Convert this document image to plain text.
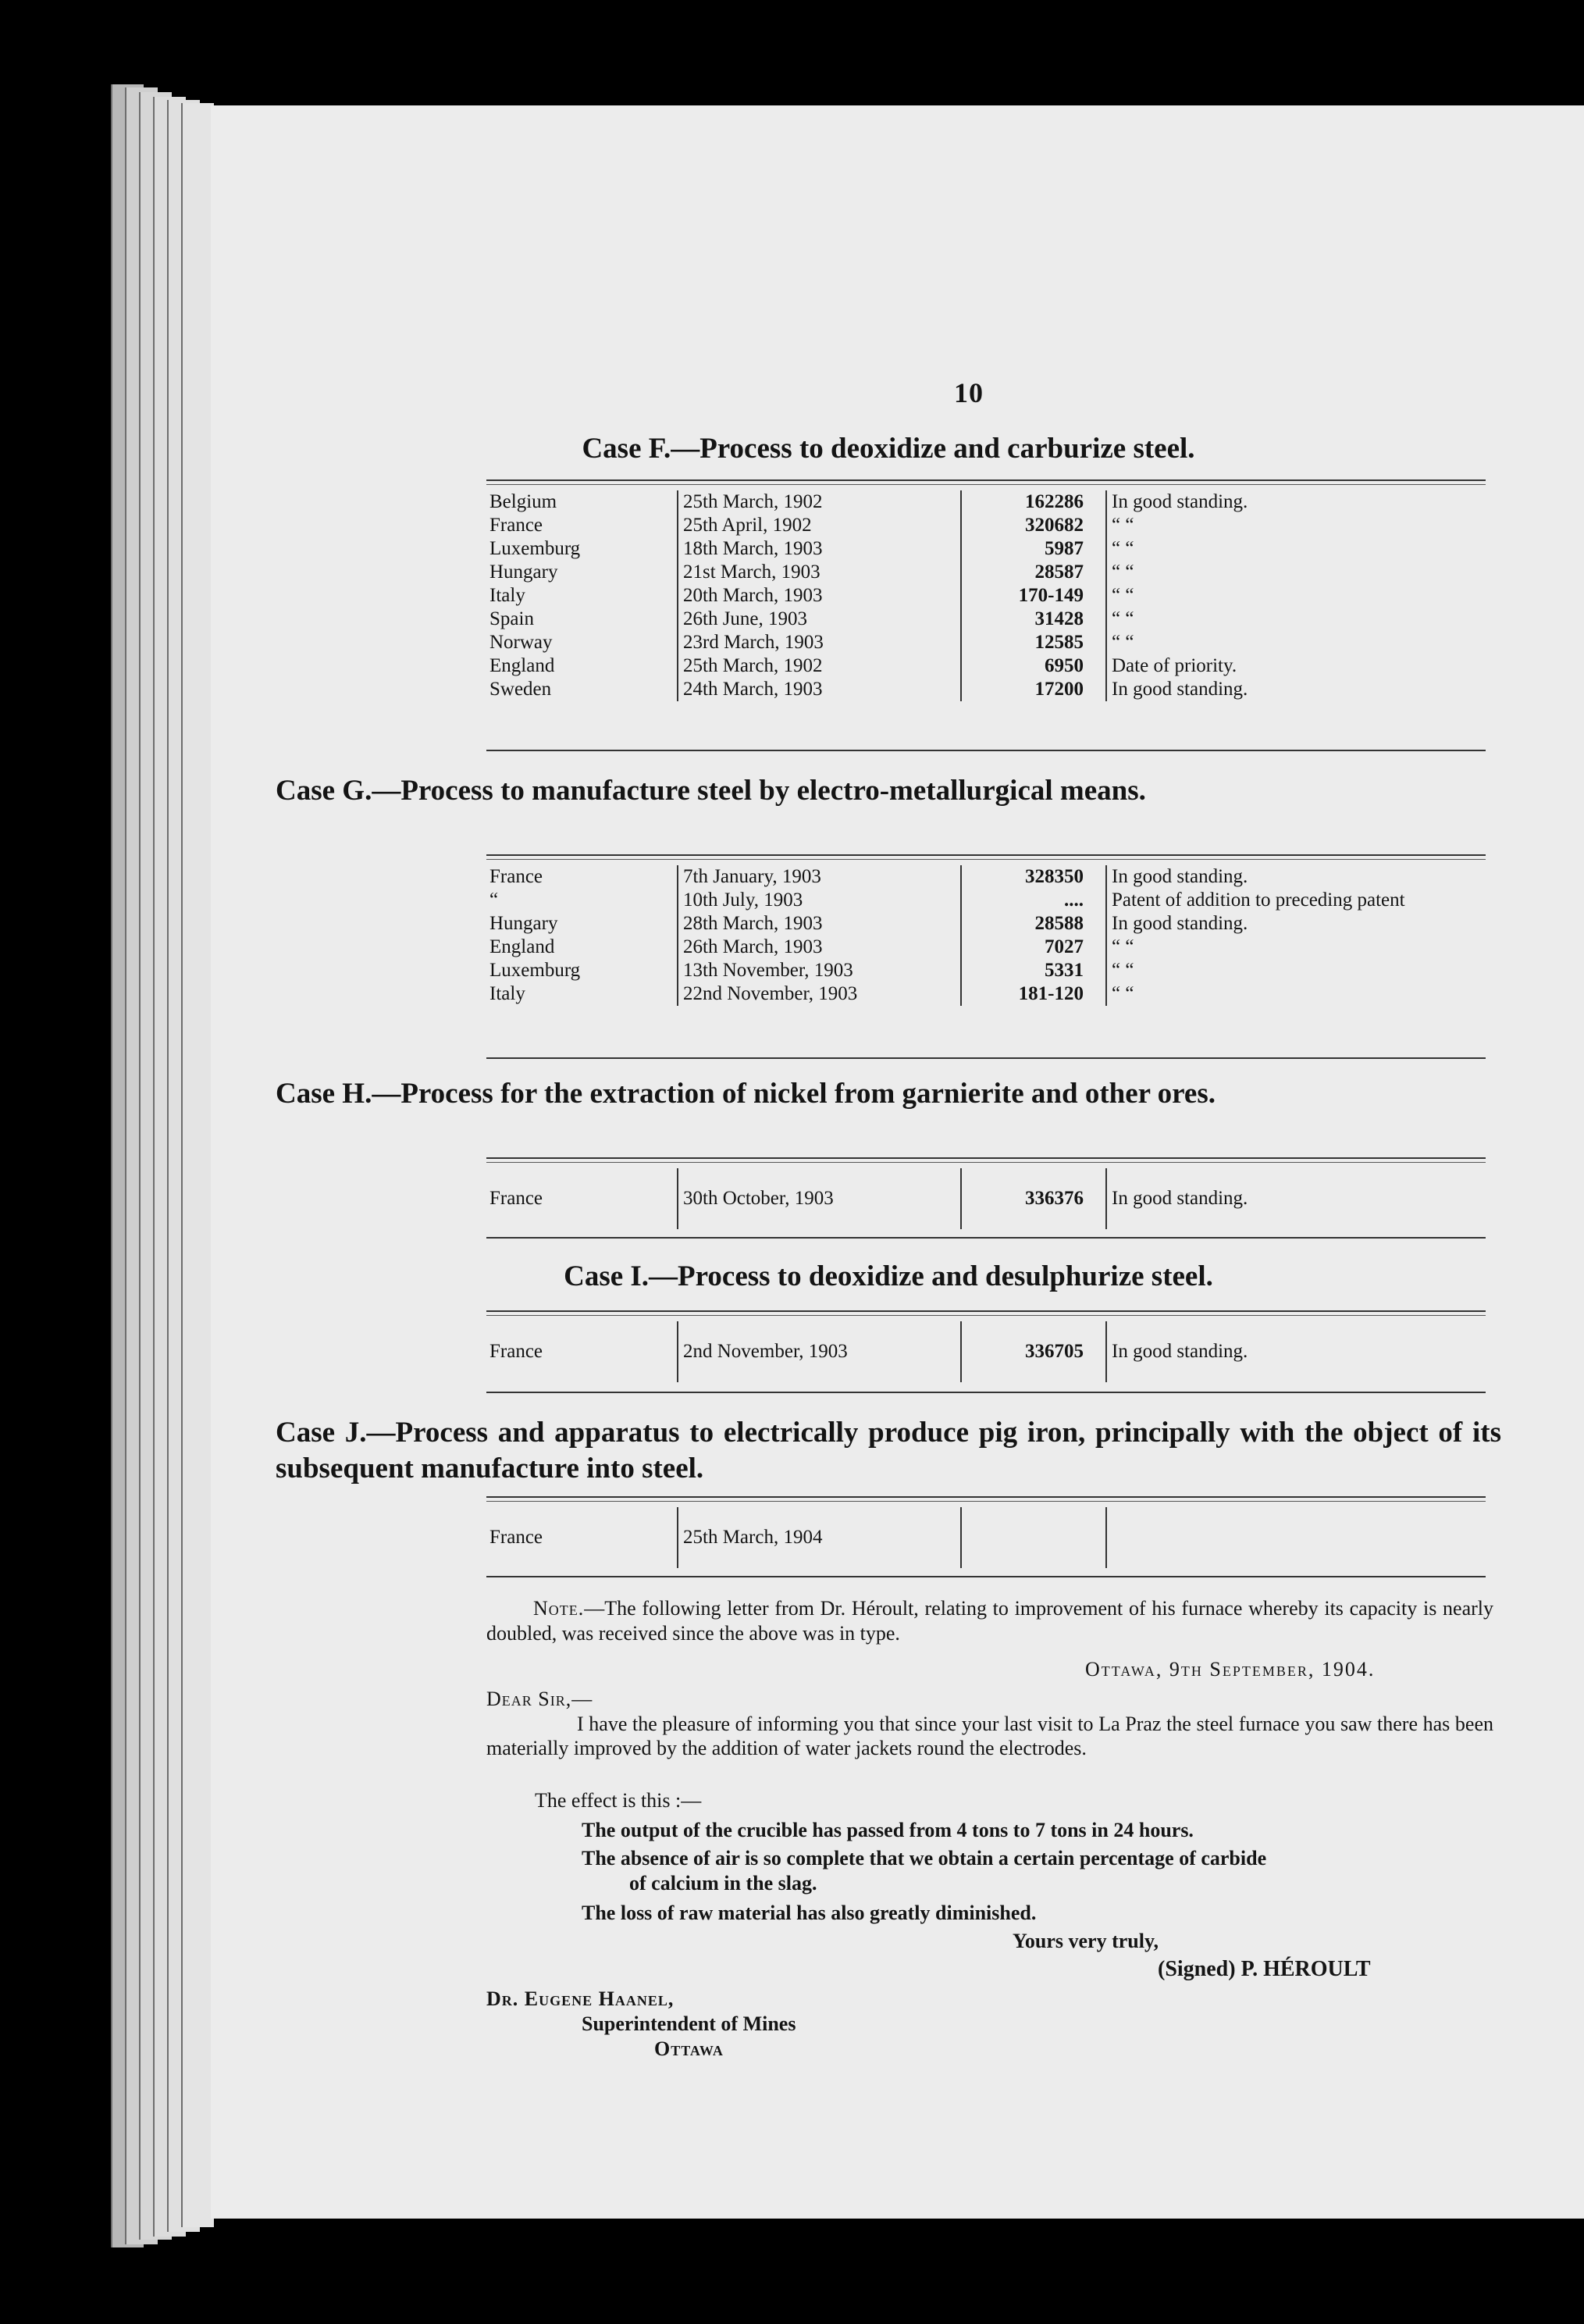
10
Case F.—Process to deoxidize and carburize steel.
Belgium	25th March, 1902	162286	In good standing.
France	25th April, 1902	320682	“ “
Luxemburg	18th March, 1903	5987	“ “
Hungary	21st March, 1903	28587	“ “
Italy	20th March, 1903	170-149	“ “
Spain	26th June, 1903	31428	“ “
Norway	23rd March, 1903	12585	“ “
England	25th March, 1902	6950	Date of priority.
Sweden	24th March, 1903	17200	In good standing.
Case G.—Process to manufacture steel by electro-metallurgical means.
France	7th January, 1903	328350	In good standing.
“	10th July, 1903	....	Patent of addition to preceding patent
Hungary	28th March, 1903	28588	In good standing.
England	26th March, 1903	7027	“ “
Luxemburg	13th November, 1903	5331	“ “
Italy	22nd November, 1903	181-120	“ “
Case H.—Process for the extraction of nickel from garnierite and other ores.
France	30th October, 1903	336376	In good standing.
Case I.—Process to deoxidize and desulphurize steel.
France	2nd November, 1903	336705	In good standing.
Case J.—Process and apparatus to electrically produce pig iron, principally with the object of its subsequent manufacture into steel.
France	25th March, 1904		
Note.—The following letter from Dr. Héroult, relating to improvement of his furnace whereby its capacity is nearly doubled, was received since the above was in type.
Ottawa, 9th September, 1904.
Dear Sir,—
I have the pleasure of informing you that since your last visit to La Praz the steel furnace you saw there has been materially improved by the addition of water jackets round the electrodes.
The effect is this :—
The output of the crucible has passed from 4 tons to 7 tons in 24 hours.
The absence of air is so complete that we obtain a certain percentage of carbide
of calcium in the slag.
The loss of raw material has also greatly diminished.
Yours very truly,
(Signed) P. HÉROULT
Dr. Eugene Haanel,
Superintendent of Mines
Ottawa
